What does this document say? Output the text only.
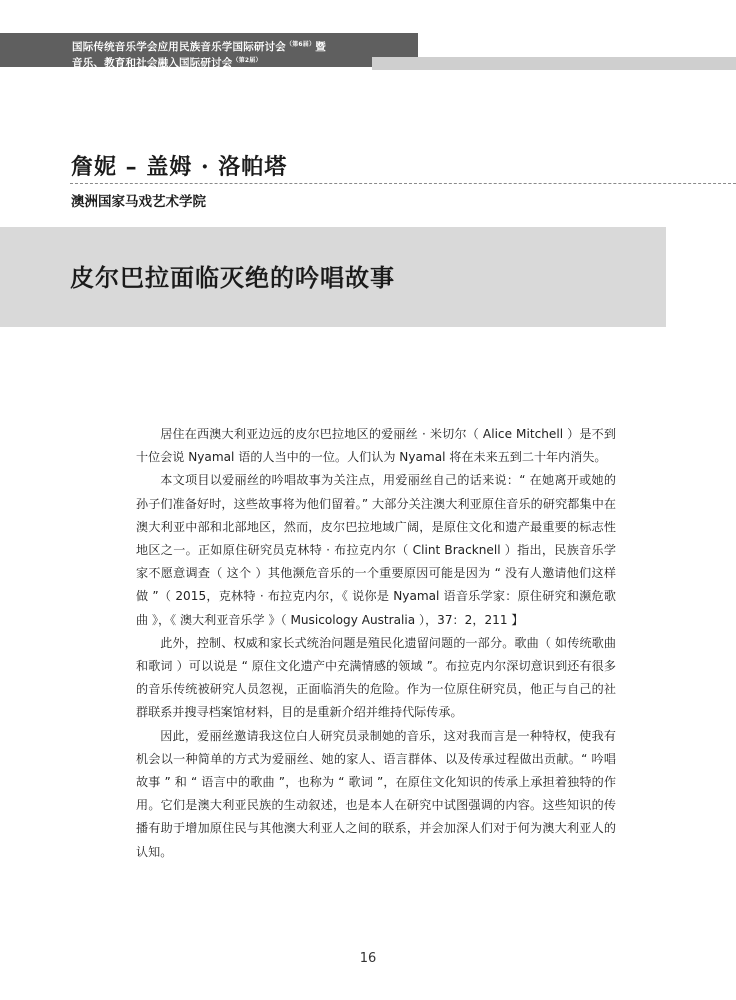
国际传统音乐学会应用民族音乐学国际研讨会$^{(第6届)}$暨
音乐、教育和社会融入国际研讨会$^{(第2届)}$
詹妮 – 盖姆 · 洛帕塔
澳洲国家马戏艺术学院
皮尔巴拉面临灭绝的吟唱故事

居住在西澳大利亚边远的皮尔巴拉地区的爱丽丝 · 米切尔（ Alice Mitchell ）是不到十位会说 Nyamal 语的人当中的一位。人们认为 Nyamal 将在未来五到二十年内消失。

本文项目以爱丽丝的吟唱故事为关注点，用爱丽丝自己的话来说：“ 在她离开或她的孙子们准备好时，这些故事将为他们留着。” 大部分关注澳大利亚原住音乐的研究都集中在澳大利亚中部和北部地区，然而，皮尔巴拉地域广阔，是原住文化和遗产最重要的标志性地区之一。正如原住研究员克林特 · 布拉克内尔（ Clint Bracknell ）指出，民族音乐学家不愿意调查（ 这个 ）其他濒危音乐的一个重要原因可能是因为 “ 没有人邀请他们这样做 ”（ 2015，克林特 · 布拉克内尔，《 说你是 Nyamal 语音乐学家：原住研究和濒危歌曲 》，《 澳大利亚音乐学 》（ Musicology Australia ），37：2，211 】

此外，控制、权威和家长式统治问题是殖民化遗留问题的一部分。歌曲（ 如传统歌曲和歌词 ）可以说是 “ 原住文化遗产中充满情感的领域 ”。布拉克内尔深切意识到还有很多的音乐传统被研究人员忽视，正面临消失的危险。作为一位原住研究员，他正与自己的社群联系并搜寻档案馆材料，目的是重新介绍并维持代际传承。

因此，爱丽丝邀请我这位白人研究员录制她的音乐，这对我而言是一种特权，使我有机会以一种简单的方式为爱丽丝、她的家人、语言群体、以及传承过程做出贡献。“ 吟唱故事 ” 和 “ 语言中的歌曲 ”，也称为 “ 歌词 ”，在原住文化知识的传承上承担着独特的作用。它们是澳大利亚民族的生动叙述，也是本人在研究中试图强调的内容。这些知识的传播有助于增加原住民与其他澳大利亚人之间的联系，并会加深人们对于何为澳大利亚人的认知。

16
